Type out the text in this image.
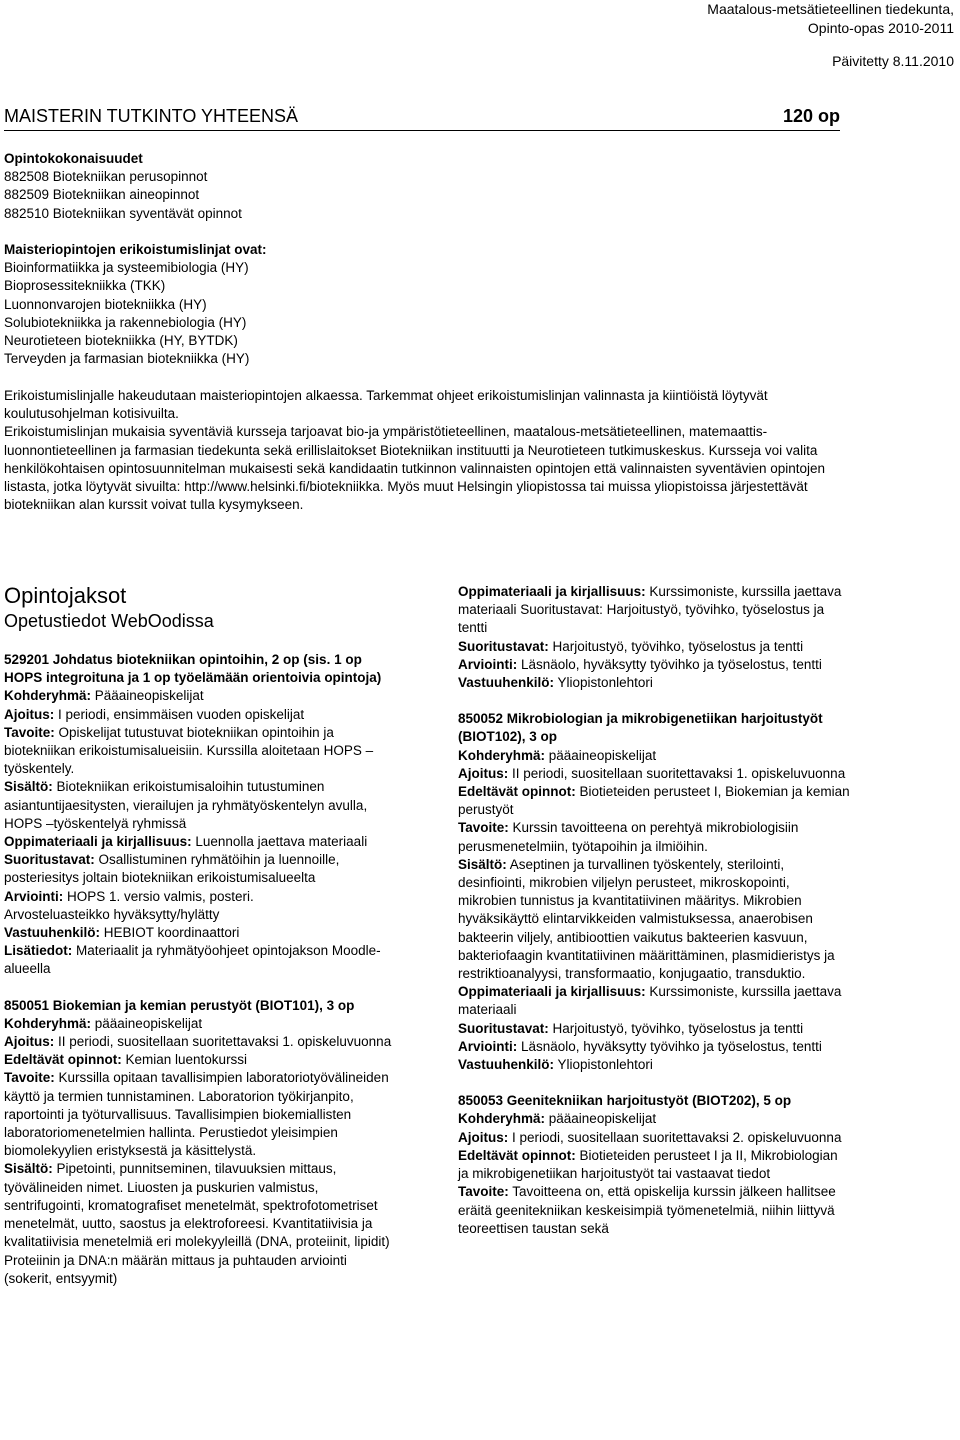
Maatalous-metsätieteellinen tiedekunta,
Opinto-opas 2010-2011
Päivitetty 8.11.2010
MAISTERIN TUTKINTO YHTEENSÄ	120 op
Opintokokonaisuudet
882508 Biotekniikan perusopinnot
882509 Biotekniikan aineopinnot
882510 Biotekniikan syventävät opinnot
Maisteriopintojen erikoistumislinjat ovat:
Bioinformatiikka ja systeemibiologia (HY)
Bioprosessitekniikka (TKK)
Luonnonvarojen biotekniikka (HY)
Solubiotekniikka ja rakennebiologia (HY)
Neurotieteen biotekniikka (HY, BYTDK)
Terveyden ja farmasian biotekniikka (HY)

Erikoistumislinjalle hakeudutaan maisteriopintojen alkaessa. Tarkemmat ohjeet erikoistumislinjan valinnasta ja kiintiöistä löytyvät koulutusohjelman kotisivuilta.

Erikoistumislinjan mukaisia syventäviä kursseja tarjoavat bio-ja ympäristötieteellinen, maatalous-metsätieteellinen, matemaattis-luonnontieteellinen ja farmasian tiedekunta sekä erillislaitokset Biotekniikan instituutti ja Neurotieteen tutkimuskeskus. Kursseja voi valita henkilökohtaisen opintosuunnitelman mukaisesti sekä kandidaatin tutkinnon valinnaisten opintojen että valinnaisten syventävien opintojen listasta, jotka löytyvät sivuilta: http://www.helsinki.fi/biotekniikka. Myös muut Helsingin yliopistossa tai muissa yliopistoissa järjestettävät biotekniikan alan kurssit voivat tulla kysymykseen.

Opintojaksot
Opetustiedot WebOodissa

529201 Johdatus biotekniikan opintoihin, 2 op (sis. 1 op HOPS integroituna ja 1 op työelämään orientoivia opintoja)

Kohderyhmä: Pääaineopiskelijat

Ajoitus: I periodi, ensimmäisen vuoden opiskelijat

Tavoite: Opiskelijat tutustuvat biotekniikan opintoihin ja biotekniikan erikoistumisalueisiin. Kurssilla aloitetaan HOPS –työskentely.

Sisältö: Biotekniikan erikoistumisaloihin tutustuminen asiantuntijaesitysten, vierailujen ja ryhmätyöskentelyn avulla, HOPS –työskentelyä ryhmissä

Oppimateriaali ja kirjallisuus: Luennolla jaettava materiaali

Suoritustavat: Osallistuminen ryhmätöihin ja luennoille, posteriesitys joltain biotekniikan erikoistumisalueelta

Arviointi: HOPS 1. versio valmis, posteri.

Arvosteluasteikko hyväksytty/hylätty

Vastuuhenkilö: HEBIOT koordinaattori

Lisätiedot: Materiaalit ja ryhmätyöohjeet opintojakson Moodle-alueella

850051 Biokemian ja kemian perustyöt (BIOT101), 3 op

Kohderyhmä: pääaineopiskelijat

Ajoitus: II periodi, suositellaan suoritettavaksi 1. opiskeluvuonna

Edeltävät opinnot: Kemian luentokurssi

Tavoite: Kurssilla opitaan tavallisimpien laboratoriotyövälineiden käyttö ja termien tunnistaminen. Laboratorion työkirjanpito, raportointi ja työturvallisuus. Tavallisimpien biokemiallisten laboratoriomenetelmien hallinta. Perustiedot yleisimpien biomolekyylien eristyksestä ja käsittelystä.

Sisältö: Pipetointi, punnitseminen, tilavuuksien mittaus, työvälineiden nimet. Liuosten ja puskurien valmistus, sentrifugointi, kromatografiset menetelmät, spektrofotometriset menetelmät, uutto, saostus ja elektroforeesi. Kvantitatiivisia ja kvalitatiivisia menetelmiä eri molekyyleillä (DNA, proteiinit, lipidit) Proteiinin ja DNA:n määrän mittaus ja puhtauden arviointi (sokerit, entsyymit)

Oppimateriaali ja kirjallisuus: Kurssimoniste, kurssilla jaettava materiaali Suoritustavat: Harjoitustyö, työvihko, työselostus ja tentti

Suoritustavat: Harjoitustyö, työvihko, työselostus ja tentti

Arviointi: Läsnäolo, hyväksytty työvihko ja työselostus, tentti

Vastuuhenkilö: Yliopistonlehtori

850052 Mikrobiologian ja mikrobigenetiikan harjoitustyöt (BIOT102), 3 op

Kohderyhmä: pääaineopiskelijat

Ajoitus: II periodi, suositellaan suoritettavaksi 1. opiskeluvuonna

Edeltävät opinnot: Biotieteiden perusteet I, Biokemian ja kemian perustyöt

Tavoite: Kurssin tavoitteena on perehtyä mikrobiologisiin perusmenetelmiin, työtapoihin ja ilmiöihin.

Sisältö: Aseptinen ja turvallinen työskentely, sterilointi, desinfiointi, mikrobien viljelyn perusteet, mikroskopointi, mikrobien tunnistus ja kvantitatiivinen määritys. Mikrobien hyväksikäyttö elintarvikkeiden valmistuksessa, anaerobisen bakteerin viljely, antibioottien vaikutus bakteerien kasvuun, bakteriofaagin kvantitatiivinen määrittäminen, plasmidieristys ja restriktioanalyysi, transformaatio, konjugaatio, transduktio.

Oppimateriaali ja kirjallisuus: Kurssimoniste, kurssilla jaettava materiaali

Suoritustavat: Harjoitustyö, työvihko, työselostus ja tentti

Arviointi: Läsnäolo, hyväksytty työvihko ja työselostus, tentti

Vastuuhenkilö: Yliopistonlehtori

850053 Geenitekniikan harjoitustyöt (BIOT202), 5 op

Kohderyhmä: pääaineopiskelijat

Ajoitus: I periodi, suositellaan suoritettavaksi 2. opiskeluvuonna

Edeltävät opinnot: Biotieteiden perusteet I ja II, Mikrobiologian ja mikrobigenetiikan harjoitustyöt tai vastaavat tiedot

Tavoite: Tavoitteena on, että opiskelija kurssin jälkeen hallitsee eräitä geenitekniikan keskeisimpiä työmenetelmiä, niihin liittyvä teoreettisen taustan sekä
